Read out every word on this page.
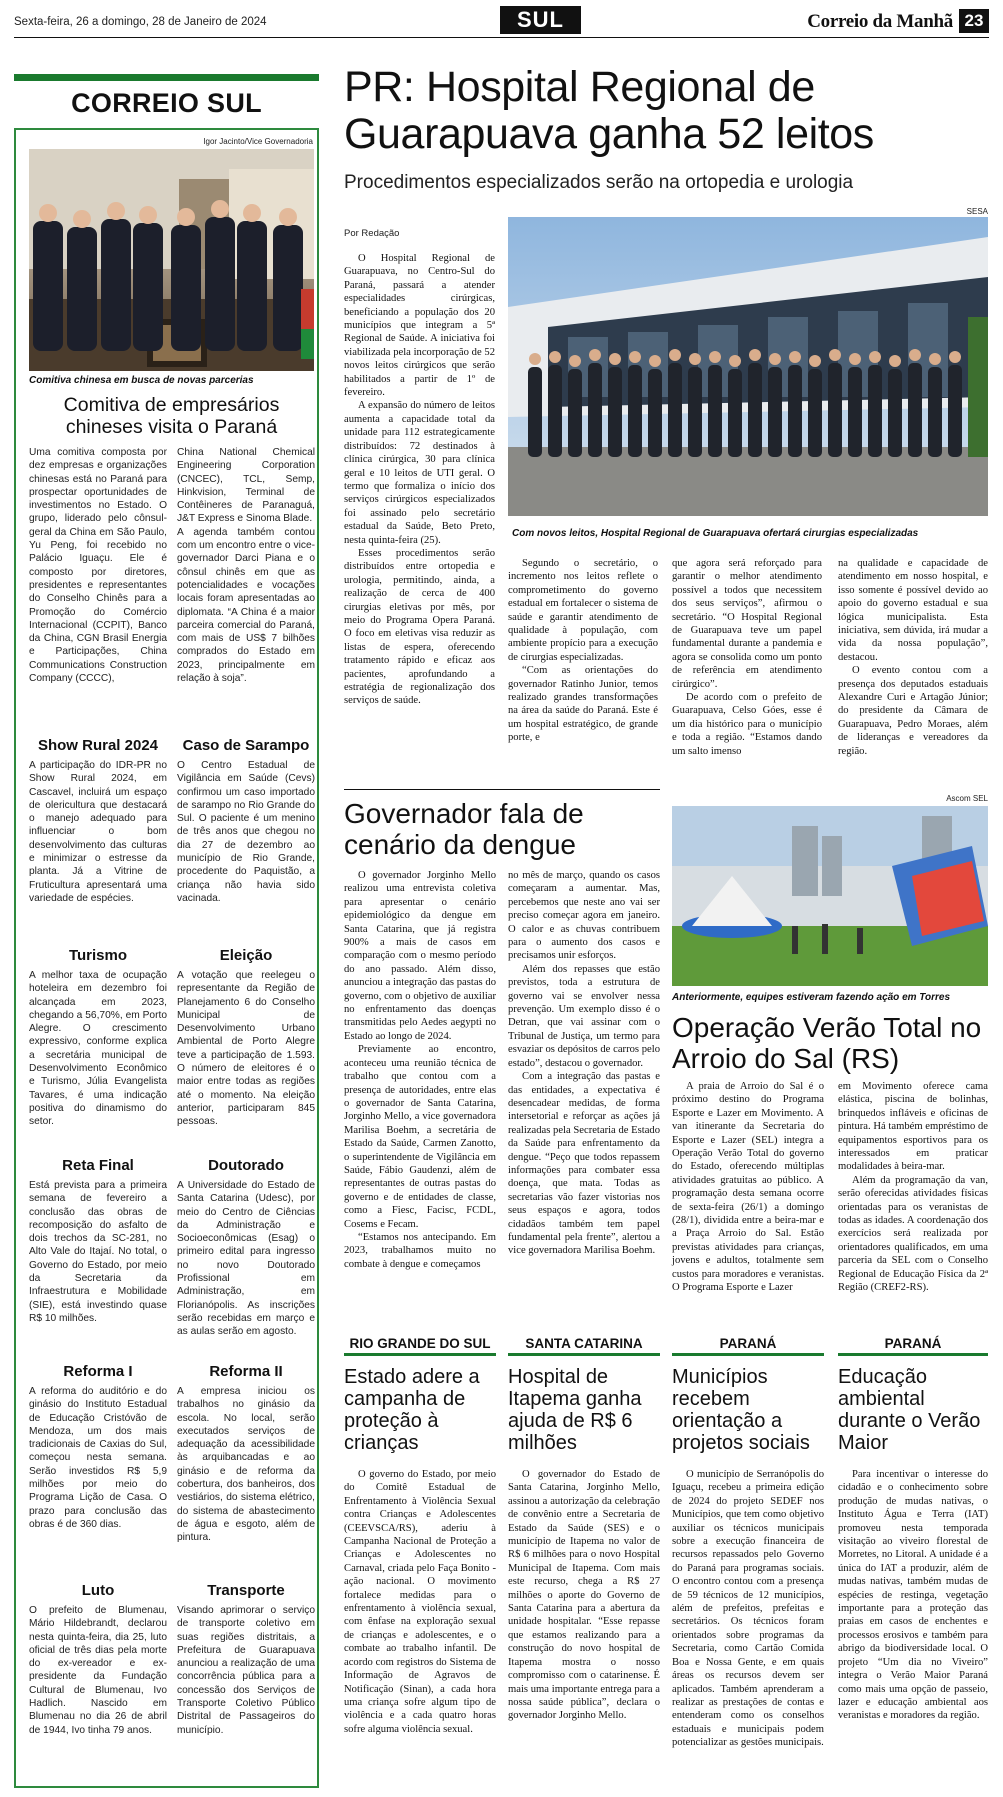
Sexta-feira, 26 a domingo, 28 de Janeiro de 2024	SUL	Correio da Manhã 23
CORREIO SUL
Igor Jacinto/Vice Governadoria
Comitiva chinesa em busca de novas parcerias
Comitiva de empresários chineses visita o Paraná

Uma comitiva composta por dez empresas e organizações chinesas está no Paraná para prospectar oportunidades de investimentos no Estado. O grupo, liderado pelo cônsul-geral da China em São Paulo, Yu Peng, foi recebido no Palácio Iguaçu. Ele é composto por diretores, presidentes e representantes do Conselho Chinês para a Promoção do Comércio Internacional (CCPIT), Banco da China, CGN Brasil Energia e Participações, China Communications Construction Company (CCCC),

China National Chemical Engineering Corporation (CNCEC), TCL, Semp, Hinkvision, Terminal de Contêineres de Paranaguá, J&T Express e Sinoma Blade.

A agenda também contou com um encontro entre o vice-governador Darci Piana e o cônsul chinês em que as potencialidades e vocações locais foram apresentadas ao diplomata. “A China é a maior parceira comercial do Paraná, com mais de US$ 7 bilhões comprados do Estado em 2023, principalmente em relação à soja”.

Show Rural 2024
A participação do IDR-PR no Show Rural 2024, em Cascavel, incluirá um espaço de olericultura que destacará o manejo adequado para influenciar o bom desenvolvimento das culturas e minimizar o estresse da planta. Já a Vitrine de Fruticultura apresentará uma variedade de espécies.
Turismo
A melhor taxa de ocupação hoteleira em dezembro foi alcançada em 2023, chegando a 56,70%, em Porto Alegre. O crescimento expressivo, conforme explica a secretária municipal de Desenvolvimento Econômico e Turismo, Júlia Evangelista Tavares, é uma indicação positiva do dinamismo do setor.
Reta Final
Está prevista para a primeira semana de fevereiro a conclusão das obras de recomposição do asfalto de dois trechos da SC-281, no Alto Vale do Itajaí. No total, o Governo do Estado, por meio da Secretaria da Infraestrutura e Mobilidade (SIE), está investindo quase R$ 10 milhões.
Reforma I
A reforma do auditório e do ginásio do Instituto Estadual de Educação Cristóvão de Mendoza, um dos mais tradicionais de Caxias do Sul, começou nesta semana. Serão investidos R$ 5,9 milhões por meio do Programa Lição de Casa. O prazo para conclusão das obras é de 360 dias.
Luto
O prefeito de Blumenau, Mário Hildebrandt, declarou nesta quinta-feira, dia 25, luto oficial de três dias pela morte do ex-vereador e ex-presidente da Fundação Cultural de Blumenau, Ivo Hadlich. Nascido em Blumenau no dia 26 de abril de 1944, Ivo tinha 79 anos.
Caso de Sarampo
O Centro Estadual de Vigilância em Saúde (Cevs) confirmou um caso importado de sarampo no Rio Grande do Sul. O paciente é um menino de três anos que chegou no dia 27 de dezembro ao município de Rio Grande, procedente do Paquistão, a criança não havia sido vacinada.
Eleição
A votação que reelegeu o representante da Região de Planejamento 6 do Conselho Municipal de Desenvolvimento Urbano Ambiental de Porto Alegre teve a participação de 1.593. O número de eleitores é o maior entre todas as regiões até o momento. Na eleição anterior, participaram 845 pessoas.
Doutorado
A Universidade do Estado de Santa Catarina (Udesc), por meio do Centro de Ciências da Administração e Socioeconômicas (Esag) o primeiro edital para ingresso no novo Doutorado Profissional em Administração, em Florianópolis. As inscrições serão recebidas em março e as aulas serão em agosto.
Reforma II
A empresa iniciou os trabalhos no ginásio da escola. No local, serão executados serviços de adequação da acessibilidade às arquibancadas e ao ginásio e de reforma da cobertura, dos banheiros, dos vestiários, do sistema elétrico, do sistema de abastecimento de água e esgoto, além de pintura.
Transporte
Visando aprimorar o serviço de transporte coletivo em suas regiões distritais, a Prefeitura de Guarapuava anunciou a realização de uma concorrência pública para a concessão dos Serviços de Transporte Coletivo Público Distrital de Passageiros do município.
PR: Hospital Regional de Guarapuava ganha 52 leitos
Procedimentos especializados serão na ortopedia e urologia
SESA
Por Redação

O Hospital Regional de Guarapuava, no Centro-Sul do Paraná, passará a atender especialidades cirúrgicas, beneficiando a população dos 20 municípios que integram a 5ª Regional de Saúde. A iniciativa foi viabilizada pela incorporação de 52 novos leitos cirúrgicos que serão habilitados a partir de 1º de fevereiro.

A expansão do número de leitos aumenta a capacidade total da unidade para 112 estrategicamente distribuídos: 72 destinados à clínica cirúrgica, 30 para clínica geral e 10 leitos de UTI geral. O termo que formaliza o início dos serviços cirúrgicos especializados foi assinado pelo secretário estadual da Saúde, Beto Preto, nesta quinta-feira (25).

Esses procedimentos serão distribuídos entre ortopedia e urologia, permitindo, ainda, a realização de cerca de 400 cirurgias eletivas por mês, por meio do Programa Opera Paraná. O foco em eletivas visa reduzir as listas de espera, oferecendo tratamento rápido e eficaz aos pacientes, aprofundando a estratégia de regionalização dos serviços de saúde.

Com novos leitos, Hospital Regional de Guarapuava ofertará cirurgias especializadas

Segundo o secretário, o incremento nos leitos reflete o comprometimento do governo estadual em fortalecer o sistema de saúde e garantir atendimento de qualidade à população, com ambiente propício para a execução de cirurgias especializadas.

“Com as orientações do governador Ratinho Junior, temos realizado grandes transformações na área da saúde do Paraná. Este é um hospital estratégico, de grande porte, e

que agora será reforçado para garantir o melhor atendimento possível a todos que necessitem dos seus serviços”, afirmou o secretário. “O Hospital Regional de Guarapuava teve um papel fundamental durante a pandemia e agora se consolida como um ponto de referência em atendimento cirúrgico”.

De acordo com o prefeito de Guarapuava, Celso Góes, esse é um dia histórico para o município e toda a região. “Estamos dando um salto imenso

na qualidade e capacidade de atendimento em nosso hospital, e isso somente é possível devido ao apoio do governo estadual e sua lógica municipalista. Esta iniciativa, sem dúvida, irá mudar a vida da nossa população”, destacou.

O evento contou com a presença dos deputados estaduais Alexandre Curi e Artagão Júnior; do presidente da Câmara de Guarapuava, Pedro Moraes, além de lideranças e vereadores da região.

Governador fala de cenário da dengue

O governador Jorginho Mello realizou uma entrevista coletiva para apresentar o cenário epidemiológico da dengue em Santa Catarina, que já registra 900% a mais de casos em comparação com o mesmo período do ano passado. Além disso, anunciou a integração das pastas do governo, com o objetivo de auxiliar no enfrentamento das doenças transmitidas pelo Aedes aegypti no Estado ao longo de 2024.

Previamente ao encontro, aconteceu uma reunião técnica de trabalho que contou com a presença de autoridades, entre elas o governador de Santa Catarina, Jorginho Mello, a vice governadora Marilisa Boehm, a secretária de Estado da Saúde, Carmen Zanotto, o superintendente de Vigilância em Saúde, Fábio Gaudenzi, além de representantes de outras pastas do governo e de entidades de classe, como a Fiesc, Facisc, FCDL, Cosems e Fecam.

“Estamos nos antecipando. Em 2023, trabalhamos muito no combate à dengue e começamos

no mês de março, quando os casos começaram a aumentar. Mas, percebemos que neste ano vai ser preciso começar agora em janeiro. O calor e as chuvas contribuem para o aumento dos casos e precisamos unir esforços.

Além dos repasses que estão previstos, toda a estrutura de governo vai se envolver nessa prevenção. Um exemplo disso é o Detran, que vai assinar com o Tribunal de Justiça, um termo para esvaziar os depósitos de carros pelo estado”, destacou o governador.

Com a integração das pastas e das entidades, a expectativa é desencadear medidas, de forma intersetorial e reforçar as ações já realizadas pela Secretaria de Estado da Saúde para enfrentamento da dengue. “Peço que todos repassem informações para combater essa doença, que mata. Todas as secretarias vão fazer vistorias nos seus espaços e agora, todos cidadãos também tem papel fundamental pela frente”, alertou a vice governadora Marilisa Boehm.

Ascom SEL
Anteriormente, equipes estiveram fazendo ação em Torres
Operação Verão Total no Arroio do Sal (RS)

A praia de Arroio do Sal é o próximo destino do Programa Esporte e Lazer em Movimento. A van itinerante da Secretaria do Esporte e Lazer (SEL) integra a Operação Verão Total do governo do Estado, oferecendo múltiplas atividades gratuitas ao público. A programação desta semana ocorre de sexta-feira (26/1) a domingo (28/1), dividida entre a beira-mar e a Praça Arroio do Sal. Estão previstas atividades para crianças, jovens e adultos, totalmente sem custos para moradores e veranistas. O Programa Esporte e Lazer

em Movimento oferece cama elástica, piscina de bolinhas, brinquedos infláveis e oficinas de pintura. Há também empréstimo de equipamentos esportivos para os interessados em praticar modalidades à beira-mar.

Além da programação da van, serão oferecidas atividades físicas orientadas para os veranistas de todas as idades. A coordenação dos exercícios será realizada por orientadores qualificados, em uma parceria da SEL com o Conselho Regional de Educação Física da 2ª Região (CREF2-RS).

RIO GRANDE DO SUL
Estado adere a campanha de proteção à crianças

O governo do Estado, por meio do Comitê Estadual de Enfrentamento à Violência Sexual contra Crianças e Adolescentes (CEEVSCA/RS), aderiu à Campanha Nacional de Proteção a Crianças e Adolescentes no Carnaval, criada pelo Faça Bonito - ação nacional. O movimento fortalece medidas para o enfrentamento à violência sexual, com ênfase na exploração sexual de crianças e adolescentes, e o combate ao trabalho infantil. De acordo com registros do Sistema de Informação de Agravos de Notificação (Sinan), a cada hora uma criança sofre algum tipo de violência e a cada quatro horas sofre alguma violência sexual.

SANTA CATARINA
Hospital de Itapema ganha ajuda de R$ 6 milhões

O governador do Estado de Santa Catarina, Jorginho Mello, assinou a autorização da celebração de convênio entre a Secretaria de Estado da Saúde (SES) e o município de Itapema no valor de R$ 6 milhões para o novo Hospital Municipal de Itapema. Com mais este recurso, chega a R$ 27 milhões o aporte do Governo de Santa Catarina para a abertura da unidade hospitalar. “Esse repasse que estamos realizando para a construção do novo hospital de Itapema mostra o nosso compromisso com o catarinense. É mais uma importante entrega para a nossa saúde pública”, declara o governador Jorginho Mello.

PARANÁ
Municípios recebem orientação a projetos sociais

O município de Serranópolis do Iguaçu, recebeu a primeira edição de 2024 do projeto SEDEF nos Municípios, que tem como objetivo auxiliar os técnicos municipais sobre a execução financeira de recursos repassados pelo Governo do Paraná para programas sociais. O encontro contou com a presença de 59 técnicos de 12 municípios, além de prefeitos, prefeitas e secretários. Os técnicos foram orientados sobre programas da Secretaria, como Cartão Comida Boa e Nossa Gente, e em quais áreas os recursos devem ser aplicados. Também aprenderam a realizar as prestações de contas e entenderam como os conselhos estaduais e municipais podem potencializar as gestões municipais.

PARANÁ
Educação ambiental durante o Verão Maior

Para incentivar o interesse do cidadão e o conhecimento sobre produção de mudas nativas, o Instituto Água e Terra (IAT) promoveu nesta temporada visitação ao viveiro florestal de Morretes, no Litoral. A unidade é a única do IAT a produzir, além de mudas nativas, também mudas de espécies de restinga, vegetação importante para a proteção das praias em casos de enchentes e processos erosivos e também para abrigo da biodiversidade local. O projeto “Um dia no Viveiro” integra o Verão Maior Paraná como mais uma opção de passeio, lazer e educação ambiental aos veranistas e moradores da região.
